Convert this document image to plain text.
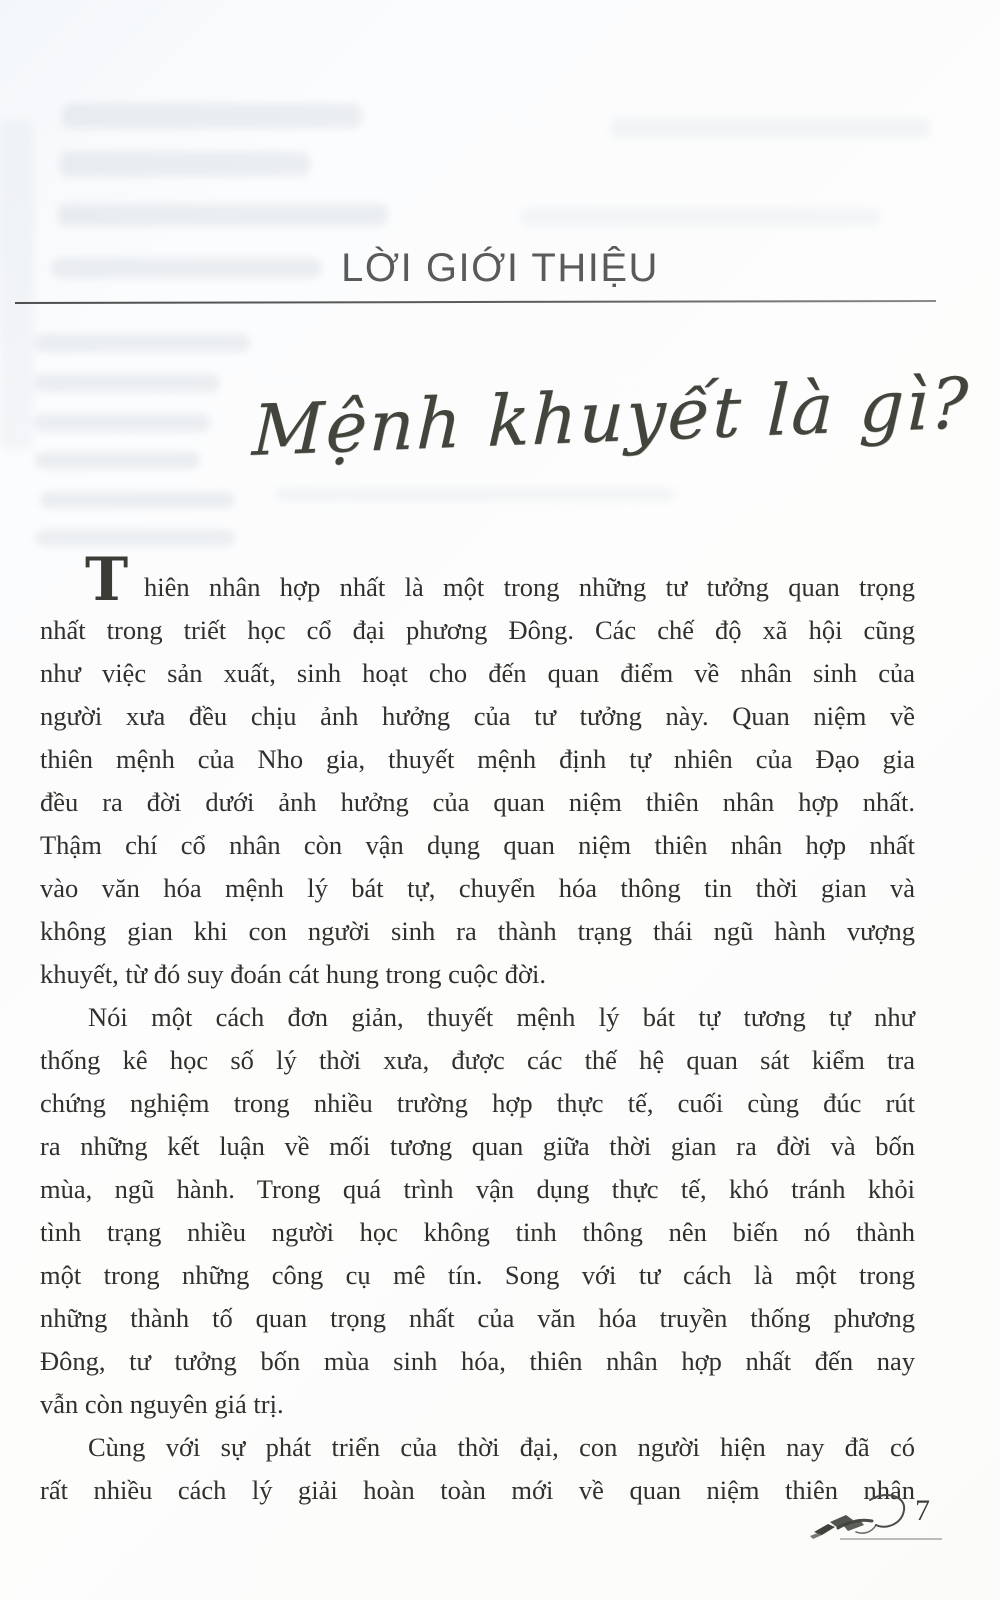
LỜI GIỚI THIỆU
Mệnh khuyết là gì?
T hiên nhân hợp nhất là một trong những tư tưởng quan trọng
nhất trong triết học cổ đại phương Đông. Các chế độ xã hội cũng
như việc sản xuất, sinh hoạt cho đến quan điểm về nhân sinh của
người xưa đều chịu ảnh hưởng của tư tưởng này. Quan niệm về
thiên mệnh của Nho gia, thuyết mệnh định tự nhiên của Đạo gia
đều ra đời dưới ảnh hưởng của quan niệm thiên nhân hợp nhất.
Thậm chí cổ nhân còn vận dụng quan niệm thiên nhân hợp nhất
vào văn hóa mệnh lý bát tự, chuyển hóa thông tin thời gian và
không gian khi con người sinh ra thành trạng thái ngũ hành vượng
khuyết, từ đó suy đoán cát hung trong cuộc đời.
Nói một cách đơn giản, thuyết mệnh lý bát tự tương tự như
thống kê học số lý thời xưa, được các thế hệ quan sát kiểm tra
chứng nghiệm trong nhiều trường hợp thực tế, cuối cùng đúc rút
ra những kết luận về mối tương quan giữa thời gian ra đời và bốn
mùa, ngũ hành. Trong quá trình vận dụng thực tế, khó tránh khỏi
tình trạng nhiều người học không tinh thông nên biến nó thành
một trong những công cụ mê tín. Song với tư cách là một trong
những thành tố quan trọng nhất của văn hóa truyền thống phương
Đông, tư tưởng bốn mùa sinh hóa, thiên nhân hợp nhất đến nay
vẫn còn nguyên giá trị.
Cùng với sự phát triển của thời đại, con người hiện nay đã có
rất nhiều cách lý giải hoàn toàn mới về quan niệm thiên nhân
7
